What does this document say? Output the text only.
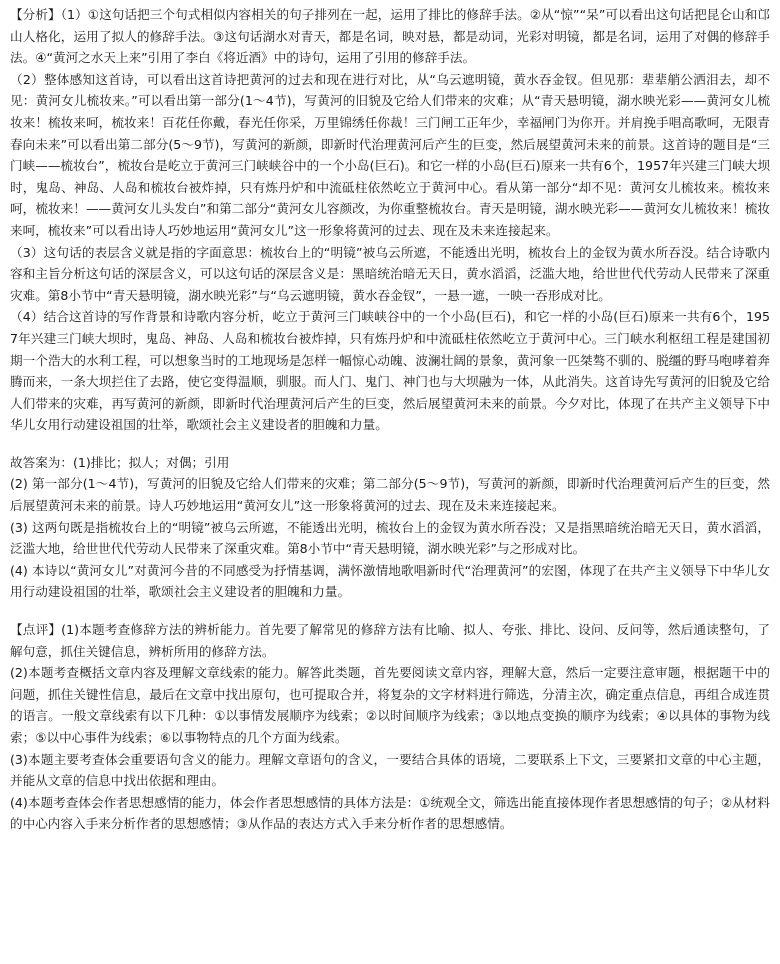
【分析】（1）①这句话把三个句式相似内容相关的句子排列在一起，运用了排比的修辞手法。②从“惊”“呆”可以看出这句话把昆仑山和邙山人格化，运用了拟人的修辞手法。③这句话湖水对青天，都是名词，映对悬，都是动词，光彩对明镜，都是名词，运用了对偶的修辞手法。④“黄河之水天上来”引用了李白《将近酒》中的诗句，运用了引用的修辞手法。

（2）整体感知这首诗，可以看出这首诗把黄河的过去和现在进行对比，从“乌云遮明镜，黄水吞金钗。但见那：辈辈艄公洒泪去，却不见：黄河女儿梳妆来。”可以看出第一部分(1～4节)，写黄河的旧貌及它给人们带来的灾难；从“青天悬明镜，湖水映光彩——黄河女儿梳妆来！梳妆来呵，梳妆来！百花任你戴，春光任你采，万里锦绣任你裁！三门闸工正年少，幸福闸门为你开。并肩挽手唱高歌呵，无限青春向未来”可以看出第二部分(5～9节)，写黄河的新颜，即新时代治理黄河后产生的巨变，然后展望黄河未来的前景。这首诗的题目是“三门峡——梳妆台”，梳妆台是屹立于黄河三门峡峡谷中的一个小岛(巨石)。和它一样的小岛(巨石)原来一共有6个，1957年兴建三门峡大坝时，鬼岛、神岛、人岛和梳妆台被炸掉，只有炼丹炉和中流砥柱依然屹立于黄河中心。看从第一部分“却不见：黄河女儿梳妆来。梳妆来呵，梳妆来！——黄河女儿头发白”和第二部分“黄河女儿容颜改，为你重整梳妆台。青天是明镜，湖水映光彩——黄河女儿梳妆来！梳妆来呵，梳妆来”可以看出诗人巧妙地运用“黄河女儿”这一形象将黄河的过去、现在及未来连接起来。

（3）这句话的表层含义就是指的字面意思：梳妆台上的“明镜”被乌云所遮，不能透出光明，梳妆台上的金钗为黄水所吞没。结合诗歌内容和主旨分析这句话的深层含义，可以这句话的深层含义是：黑暗统治暗无天日，黄水滔滔，泛滥大地，给世世代代劳动人民带来了深重灾难。第8小节中“青天悬明镜，湖水映光彩”与“乌云遮明镜，黄水吞金钗”，一悬一遮，一映一吞形成对比。

（4）结合这首诗的写作背景和诗歌内容分析，屹立于黄河三门峡峡谷中的一个小岛(巨石)，和它一样的小岛(巨石)原来一共有6个，1957年兴建三门峡大坝时，鬼岛、神岛、人岛和梳妆台被炸掉，只有炼丹炉和中流砥柱依然屹立于黄河中心。三门峡水利枢纽工程是建国初期一个浩大的水利工程，可以想象当时的工地现场是怎样一幅惊心动魄、波澜壮阔的景象，黄河象一匹桀骜不驯的、脱缰的野马咆哮着奔腾而来，一条大坝拦住了去路，使它变得温顺，驯服。而人门、鬼门、神门也与大坝融为一体，从此消失。这首诗先写黄河的旧貌及它给人们带来的灾难，再写黄河的新颜，即新时代治理黄河后产生的巨变，然后展望黄河未来的前景。今夕对比，体现了在共产主义领导下中华儿女用行动建设祖国的壮举，歌颂社会主义建设者的胆魄和力量。

故答案为：(1)排比；拟人；对偶；引用

(2) 第一部分(1～4节)，写黄河的旧貌及它给人们带来的灾难；第二部分(5～9节)，写黄河的新颜，即新时代治理黄河后产生的巨变，然后展望黄河未来的前景。诗人巧妙地运用“黄河女儿”这一形象将黄河的过去、现在及未来连接起来。

(3) 这两句既是指梳妆台上的“明镜”被乌云所遮，不能透出光明，梳妆台上的金钗为黄水所吞没；又是指黑暗统治暗无天日，黄水滔滔，泛滥大地，给世世代代劳动人民带来了深重灾难。第8小节中“青天悬明镜，湖水映光彩”与之形成对比。

(4) 本诗以“黄河女儿”对黄河今昔的不同感受为抒情基调，满怀激情地歌唱新时代“治理黄河”的宏图，体现了在共产主义领导下中华儿女用行动建设祖国的壮举，歌颂社会主义建设者的胆魄和力量。

【点评】(1)本题考查修辞方法的辨析能力。首先要了解常见的修辞方法有比喻、拟人、夸张、排比、设问、反问等，然后通读整句，了解句意，抓住关键信息，辨析所用的修辞方法。

(2)本题考查概括文章内容及理解文章线索的能力。解答此类题，首先要阅读文章内容，理解大意，然后一定要注意审题，根据题干中的问题，抓住关键性信息，最后在文章中找出原句，也可提取合并，将复杂的文字材料进行筛选，分清主次，确定重点信息，再组合成连贯的语言。一般文章线索有以下几种：①以事情发展顺序为线索；②以时间顺序为线索；③以地点变换的顺序为线索；④以具体的事物为线索；⑤以中心事件为线索；⑥以事物特点的几个方面为线索。

(3)本题主要考查体会重要语句含义的能力。理解文章语句的含义，一要结合具体的语境，二要联系上下文，三要紧扣文章的中心主题，并能从文章的信息中找出依据和理由。

(4)本题考查体会作者思想感情的能力，体会作者思想感情的具体方法是：①统观全文，筛选出能直接体现作者思想感情的句子；②从材料的中心内容入手来分析作者的思想感情；③从作品的表达方式入手来分析作者的思想感情。
